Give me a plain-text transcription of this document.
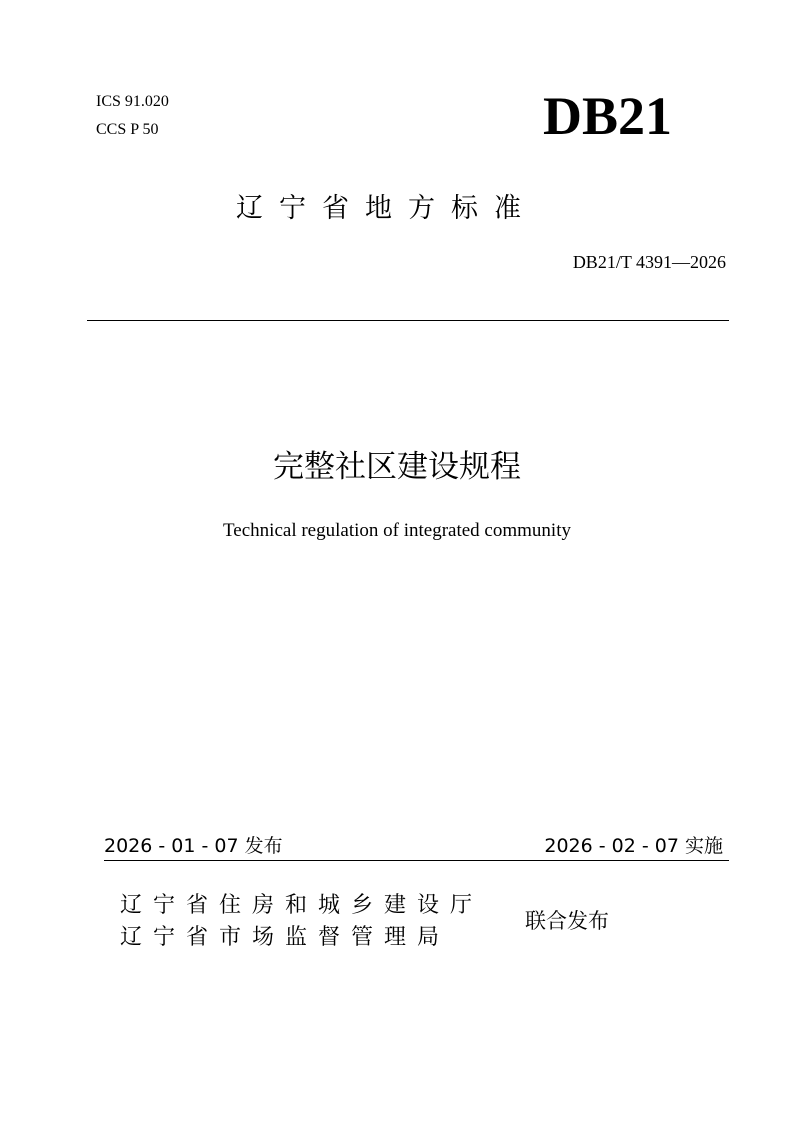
ICS 91.020
CCS P 50	DB21
辽宁省地方标准
DB21/T 4391—2026
完整社区建设规程
Technical regulation of integrated community
2026 - 01 - 07 发布	2026 - 02 - 07 实施
辽宁省住房和城乡建设厅
辽宁省市场监督管理局
联合发布
